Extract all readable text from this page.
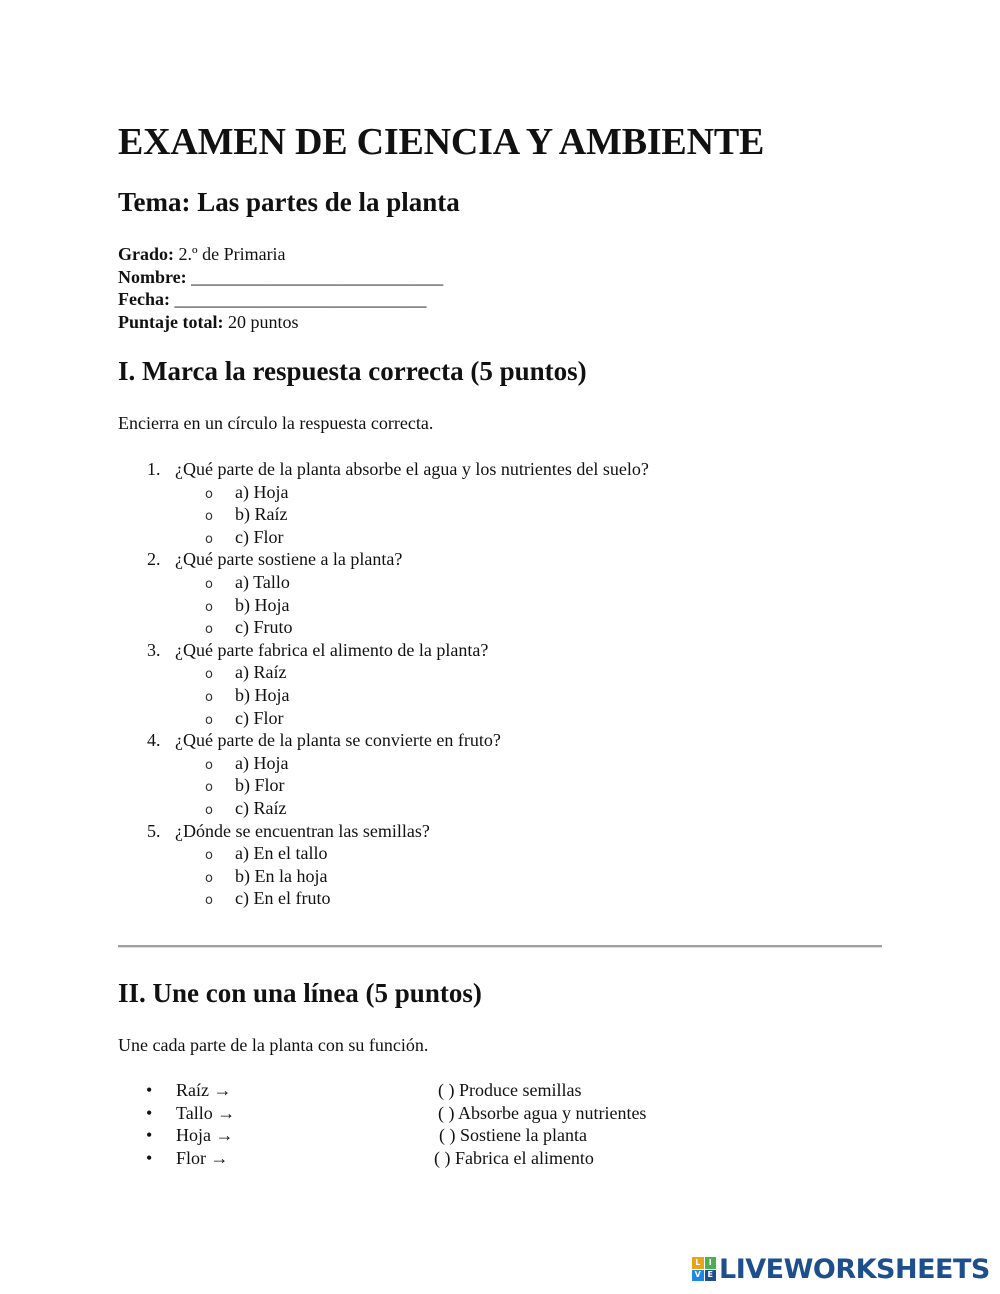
EXAMEN DE CIENCIA Y AMBIENTE
Tema: Las partes de la planta
Grado: 2.º de Primaria
Nombre: ____________________________
Fecha: ____________________________
Puntaje total: 20 puntos
I. Marca la respuesta correcta (5 puntos)
Encierra en un círculo la respuesta correcta.
1. ¿Qué parte de la planta absorbe el agua y los nutrientes del suelo?
o a) Hoja
o b) Raíz
o c) Flor
2. ¿Qué parte sostiene a la planta?
o a) Tallo
o b) Hoja
o c) Fruto
3. ¿Qué parte fabrica el alimento de la planta?
o a) Raíz
o b) Hoja
o c) Flor
4. ¿Qué parte de la planta se convierte en fruto?
o a) Hoja
o b) Flor
o c) Raíz
5. ¿Dónde se encuentran las semillas?
o a) En el tallo
o b) En la hoja
o c) En el fruto
II. Une con una línea (5 puntos)
Une cada parte de la planta con su función.
• Raíz →	( ) Produce semillas
• Tallo →	( ) Absorbe agua y nutrientes
• Hoja →	( ) Sostiene la planta
• Flor →	( ) Fabrica el alimento
L	I
V E LIVEWORKSHEETS
